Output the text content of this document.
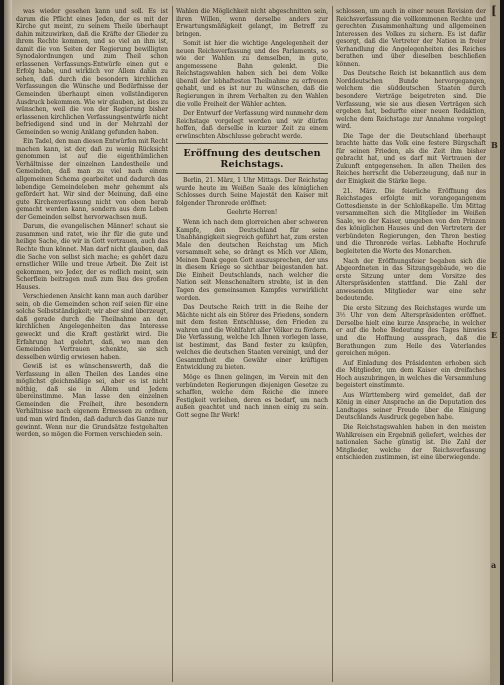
was wieder gesehen kann und soll. Es ist darum die Pflicht eines Jeden, der es mit der Kirche gut meint, zu seinem Theile überhaupt dahin mitzuwirken, daß die Kräfte der Glieder zu ihrem Rechte kommen, und so viel an ihm ist, damit die von Seiten der Regierung bewilligten Synodalordnungen und zum Theil schon erlassenen Verfassungs-Entwürfe einen gut e Erfolg habe, und wirklich vor Allem dahin zu sehen, daß durch die besondern kirchlichen Verfassungen die Wünsche und Bedürfnisse der Gemeinden überhaupt einen vollständigeren Ausdruck bekommen. Wie wir glauben, ist dies zu wünschen, weil die von der Regierung bisher erlassenen kirchlichen Verfassungsentwürfe nicht befriedigend sind und in der Mehrzahl der Gemeinden so wenig Anklang gefunden haben.

Ein Tadel, den man diesen Entwürfen mit Recht machen kann, ist der, daß zu wenig Rücksicht genommen ist auf die eigenthümlichen Verhältnisse der einzelnen Landestheile und Gemeinden, daß man zu viel nach einem allgemeinen Schema gearbeitet und dadurch das lebendige Gemeindeleben mehr gehemmt als gefördert hat. Wir sind der Meinung, daß eine gute Kirchenverfassung nicht von oben herab gemacht werden kann, sondern aus dem Leben der Gemeinden selbst hervorwachsen muß.

Darum, die evangelischen Männer! schaut sie zusammen und ratet, wie ihr für die gute und heilige Sache, die wir in Gott vertrauen, auch das Rechte thun könnet. Man darf nicht glauben, daß die Sache von selbst sich mache; es gehört dazu ernstlicher Wille und treue Arbeit. Die Zeit ist gekommen, wo Jeder, der es redlich meint, sein Scherflein beitragen muß zum Bau des großen Hauses.

Verschiedenen Ansicht kann man auch darüber sein, ob die Gemeinden schon reif seien für eine solche Selbstständigkeit; wir aber sind überzeugt, daß gerade durch die Theilnahme an den kirchlichen Angelegenheiten das Interesse geweckt und die Kraft gestärkt wird. Die Erfahrung hat gelehrt, daß, wo man den Gemeinden Vertrauen schenkte, sie sich desselben würdig erwiesen haben.

Gewiß ist es wünschenswerth, daß die Verfassung in allen Theilen des Landes eine möglichst gleichmäßige sei, aber es ist nicht nöthig, daß sie in Allem und Jedem übereinstimme. Man lasse den einzelnen Gemeinden die Freiheit, ihre besondern Verhältnisse nach eigenem Ermessen zu ordnen, und man wird finden, daß dadurch das Ganze nur gewinnt. Wenn nur die Grundsätze festgehalten werden, so mögen die Formen verschieden sein.

Wahlen die Möglichkeit nicht abgeschnitten sein, ihren Willen, wenn derselbe anders zur Erwartungsmäßigkeit gelangt, im Betreff zu bringen.

Somit ist hier die wichtige Angelegenheit der neuen Reichsverfassung und des Parlaments, so wie der Wahlen zu demselben, in gute, angemessene Bahn gelenkt. Die Reichstagswahlen haben sich bei dem Volke überall der lebhaftesten Theilnahme zu erfreuen gehabt, und es ist nur zu wünschen, daß die Regierungen in ihrem Verhalten zu den Wahlen die volle Freiheit der Wähler achten.

Der Entwurf der Verfassung wird nunmehr dem Reichstage vorgelegt werden und wir dürfen hoffen, daß derselbe in kurzer Zeit zu einem erwünschten Abschlusse gebracht werde.

Eröffnung des deutschen Reichstags.

Berlin, 21. März, 1 Uhr Mittags. Der Reichstag wurde heute im Weißen Saale des königlichen Schlosses durch Seine Majestät den Kaiser mit folgender Thronrede eröffnet:

Geehrte Herren!

Wenn ich nach dem glorreichen aber schweren Kampfe, den Deutschland für seine Unabhängigkeit siegreich geführt hat, zum ersten Male den deutschen Reichstag um Mich versammelt sehe, so drängt es Mich vor Allem, Meinen Dank gegen Gott auszusprechen, der uns in diesem Kriege so sichtbar beigestanden hat. Die Einheit Deutschlands, nach welcher die Nation seit Menschenaltern strebte, ist in den Tagen des gemeinsamen Kampfes verwirklicht worden.

Das Deutsche Reich tritt in die Reihe der Mächte nicht als ein Störer des Friedens, sondern mit dem festen Entschlusse, den Frieden zu wahren und die Wohlfahrt aller Völker zu fördern. Die Verfassung, welche Ich Ihnen vorlegen lasse, ist bestimmt, das Band fester zu knüpfen, welches die deutschen Staaten vereinigt, und der Gesammtheit die Gewähr einer kräftigen Entwicklung zu bieten.

Möge es Ihnen gelingen, im Verein mit den verbündeten Regierungen diejenigen Gesetze zu schaffen, welche dem Reiche die innere Festigkeit verleihen, deren es bedarf, um nach außen geachtet und nach innen einig zu sein. Gott segne Ihr Werk!

schlossen, um auch in einer neuen Revision der Reichsverfassung die vollkommenen Rechte und gerechten Zusammenhaltung und allgemeinen Interessen des Volkes zu sichern. Es ist dafür gesorgt, daß die Vertreter der Nation in freier Verhandlung die Angelegenheiten des Reiches berathen und über dieselben beschließen können.

Das Deutsche Reich ist bekanntlich aus dem Norddeutschen Bunde hervorgegangen, welchem die süddeutschen Staaten durch besondere Verträge beigetreten sind. Die Verfassung, wie sie aus diesen Verträgen sich ergeben hat, bedurfte einer neuen Redaktion, welche dem Reichstage zur Annahme vorgelegt wird.

Die Tage der die Deutschland überhaupt brachte hatte das Volk eine festere Bürgschaft für seinen Frieden, als die Zeit ihm bisher gebracht hat, und es darf mit Vertrauen der Zukunft entgegensehen. In allen Theilen des Reiches herrscht die Ueberzeugung, daß nur in der Einigkeit die Stärke liege.

21. März. Die feierliche Eröffnung des Reichstages erfolgte mit vorangegangenem Gottesdienste in der Schloßkapelle. Um Mittag versammelten sich die Mitglieder im Weißen Saale, wo der Kaiser, umgeben von den Prinzen des königlichen Hauses und den Vertretern der verbündeten Regierungen, den Thron bestieg und die Thronrede verlas. Lebhafte Hochrufe begleiteten die Worte des Monarchen.

Nach der Eröffnungsfeier begaben sich die Abgeordneten in das Sitzungsgebäude, wo die erste Sitzung unter dem Vorsitze des Alterspräsidenten stattfand. Die Zahl der anwesenden Mitglieder war eine sehr bedeutende.

Die erste Sitzung des Reichstages wurde um 3½ Uhr von dem Alterspräsidenten eröffnet. Derselbe hielt eine kurze Ansprache, in welcher er auf die hohe Bedeutung des Tages hinwies und die Hoffnung aussprach, daß die Berathungen zum Heile des Vaterlandes gereichen mögen.

Auf Einladung des Präsidenten erhoben sich die Mitglieder, um dem Kaiser ein dreifaches Hoch auszubringen, in welches die Versammlung begeistert einstimmte.

Aus Württemberg wird gemeldet, daß der König in einer Ansprache an die Deputation des Landtages seiner Freude über die Einigung Deutschlands Ausdruck gegeben habe.

Die Reichstagswahlen haben in den meisten Wahlkreisen ein Ergebniß geliefert, welches der nationalen Sache günstig ist. Die Zahl der Mitglieder, welche der Reichsverfassung entschieden zustimmen, ist eine überwiegende.

[
B
E
a
